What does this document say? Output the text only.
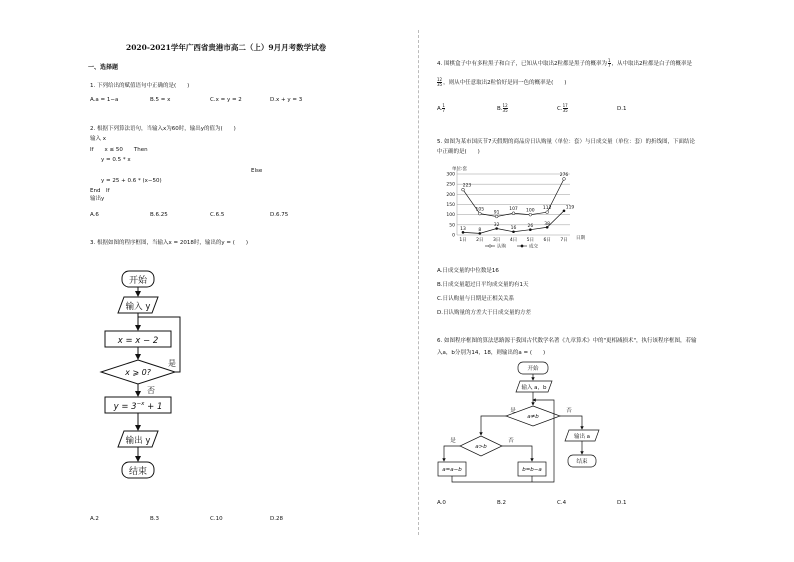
2020-2021学年广西省贵港市高二（上）9月月考数学试卷
一、选择题
1. 下列给出的赋值语句中正确的是(　　)
A.a = 1−a	B.5 = x	C.x = y = 2	D.x + y = 3
2. 根据下列算法语句，当输入x为60时，输出y的值为(　　)
输入 x
If　　x ≤ 50　　Then
　　y = 0.5 * x
Else
　　y = 25 + 0.6 * (x−50)
End　If
输出y
A.6	B.6.25	C.6.5	D.6.75
3. 根据如图的程序框图，当输入x = 2018时，输出的y = (　　)
开始
输入 y
x = x − 2
x ⩾ 0?
是
否
$y = 3^{-x} + 1$
输出 y
结束
A.2	B.3	C.10	D.28
4. 围棋盒子中有多粒黑子和白子，已知从中取出2粒都是黑子的概率为 $\frac{1}{7}$ ，从中取出2粒都是白子的概率是
$\frac{12}{35}$ ，则从中任意取出2粒恰好是同一色的概率是(　　)
A. $\frac{1}{7}$	B. $\frac{12}{35}$	C. $\frac{17}{35}$	D.1
5. 如图为某市国庆节7天假期的商品房日认购量（单位：套）与日成交量（单位：套）的折线图，下面结论
中正确的是(　　)
0
50
100
150
200
250
300
1日 2日 3日 4日 5日 6日 7日
223
105
91
107 100 112
276
13	8
32
16 26 38
119
单位:套
日期
认购	成交
A.日成交量的中位数是16
B.日成交量超过日平均成交量的有1天
C.日认购量与日期是正相关关系
D.日认购量的方差大于日成交量的方差
6. 如图程序框图的算法思路源于我国古代数学名著《九章算术》中的"更相减损术"，执行该程序框图，若输
入a，b分别为14，18，则输出的a = (　　)
开始
输入 a，b
a≠b
是	否
a>b
是	否
a=a−b	b=b−a
输出 a
结束
A.0	B.2	C.4	D.1
